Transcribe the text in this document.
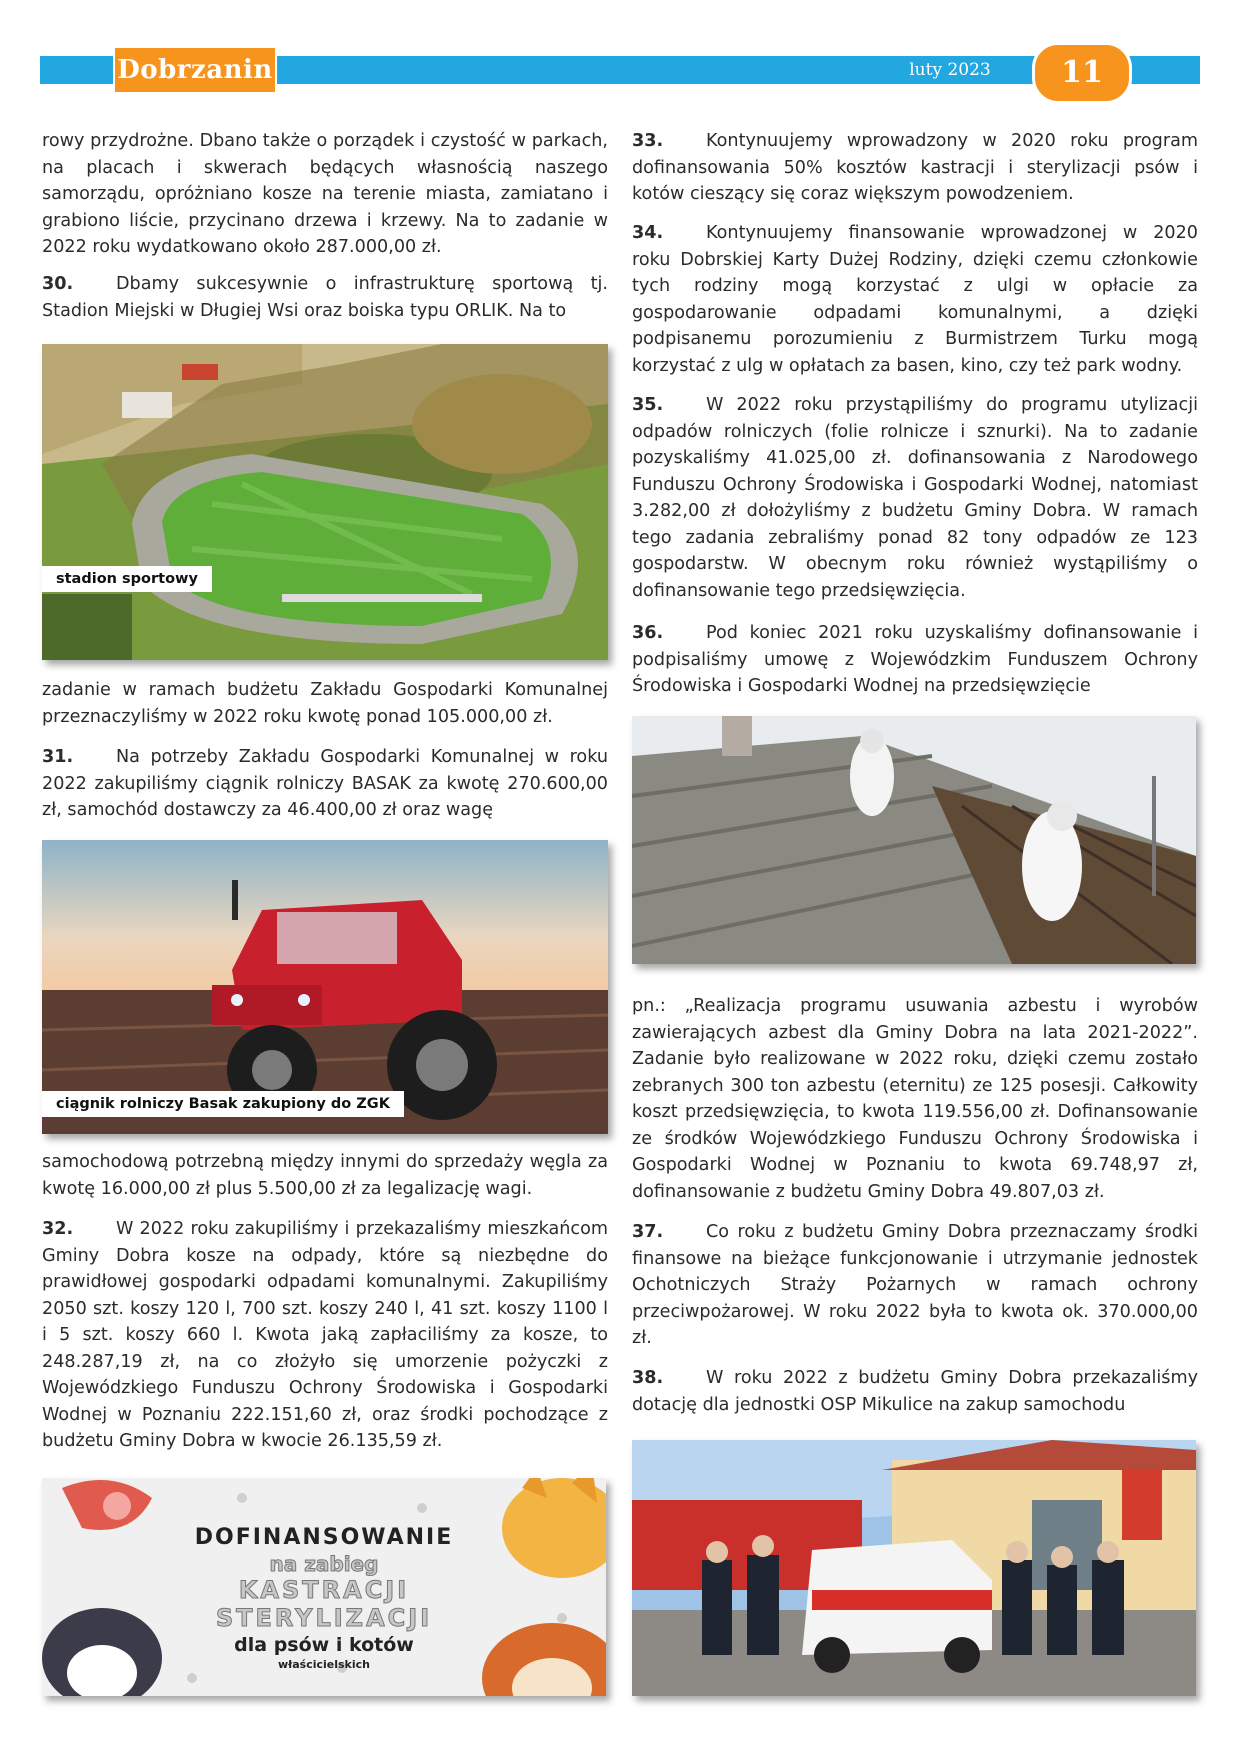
Dobrzanin	luty 2023	11

rowy przydrożne. Dbano także o porządek i czystość w parkach, na placach i skwerach będących własnością naszego samorządu, opróżniano kosze na terenie miasta, zamiatano i grabiono liście, przycinano drzewa i krzewy. Na to zadanie w 2022 roku wydatkowano około 287.000,00 zł.

30. Dbamy sukcesywnie o infrastrukturę sportową tj. Stadion Miejski w Długiej Wsi oraz boiska typu ORLIK. Na to

stadion sportowy

zadanie w ramach budżetu Zakładu Gospodarki Komunalnej przeznaczyliśmy w 2022 roku kwotę ponad 105.000,00 zł.

31. Na potrzeby Zakładu Gospodarki Komunalnej w roku 2022 zakupiliśmy ciągnik rolniczy BASAK za kwotę 270.600,00 zł, samochód dostawczy za 46.400,00 zł oraz wagę

ciągnik rolniczy Basak zakupiony do ZGK

samochodową potrzebną między innymi do sprzedaży węgla za kwotę 16.000,00 zł plus 5.500,00 zł za legalizację wagi.

32. W 2022 roku zakupiliśmy i przekazaliśmy mieszkańcom Gminy Dobra kosze na odpady, które są niezbędne do prawidłowej gospodarki odpadami komunalnymi. Zakupiliśmy 2050 szt. koszy 120 l, 700 szt. koszy 240 l, 41 szt. koszy 1100 l i 5 szt. koszy 660 l. Kwota jaką zapłaciliśmy za kosze, to 248.287,19 zł, na co złożyło się umorzenie pożyczki z Wojewódzkiego Funduszu Ochrony Środowiska i Gospodarki Wodnej w Poznaniu 222.151,60 zł, oraz środki pochodzące z budżetu Gminy Dobra w kwocie 26.135,59 zł.

DOFINANSOWANIE
na zabieg
KASTRACJI
STERYLIZACJI
dla psów i kotów
właścicielskich

33. Kontynuujemy wprowadzony w 2020 roku program dofinansowania 50% kosztów kastracji i sterylizacji psów i kotów cieszący się coraz większym powodzeniem.

34. Kontynuujemy finansowanie wprowadzonej w 2020 roku Dobrskiej Karty Dużej Rodziny, dzięki czemu członkowie tych rodziny mogą korzystać z ulgi w opłacie za gospodarowanie odpadami komunalnymi, a dzięki podpisanemu porozumieniu z Burmistrzem Turku mogą korzystać z ulg w opłatach za basen, kino, czy też park wodny.

35. W 2022 roku przystąpiliśmy do programu utylizacji odpadów rolniczych (folie rolnicze i sznurki). Na to zadanie pozyskaliśmy 41.025,00 zł. dofinansowania z Narodowego Funduszu Ochrony Środowiska i Gospodarki Wodnej, natomiast 3.282,00 zł dołożyliśmy z budżetu Gminy Dobra. W ramach tego zadania zebraliśmy ponad 82 tony odpadów ze 123 gospodarstw. W obecnym roku również wystąpiliśmy o dofinansowanie tego przedsięwzięcia.

36. Pod koniec 2021 roku uzyskaliśmy dofinansowanie i podpisaliśmy umowę z Wojewódzkim Funduszem Ochrony Środowiska i Gospodarki Wodnej na przedsięwzięcie

pn.: „Realizacja programu usuwania azbestu i wyrobów zawierających azbest dla Gminy Dobra na lata 2021-2022”. Zadanie było realizowane w 2022 roku, dzięki czemu zostało zebranych 300 ton azbestu (eternitu) ze 125 posesji. Całkowity koszt przedsięwzięcia, to kwota 119.556,00 zł. Dofinansowanie ze środków Wojewódzkiego Funduszu Ochrony Środowiska i Gospodarki Wodnej w Poznaniu to kwota 69.748,97 zł, dofinansowanie z budżetu Gminy Dobra 49.807,03 zł.

37. Co roku z budżetu Gminy Dobra przeznaczamy środki finansowe na bieżące funkcjonowanie i utrzymanie jednostek Ochotniczych Straży Pożarnych w ramach ochrony przeciwpożarowej. W roku 2022 była to kwota ok. 370.000,00 zł.

38. W roku 2022 z budżetu Gminy Dobra przekazaliśmy dotację dla jednostki OSP Mikulice na zakup samochodu
